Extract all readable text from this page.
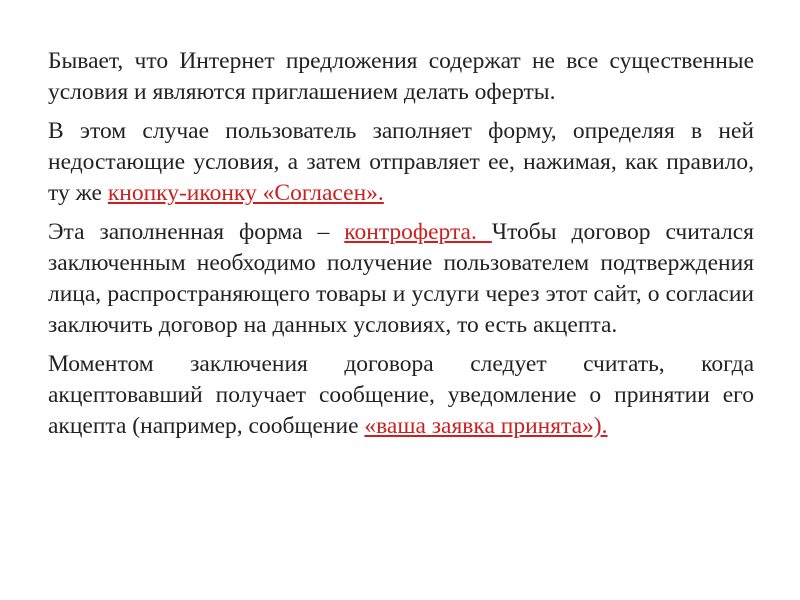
Бывает, что Интернет предложения содержат не все существенные условия и являются приглашением делать оферты.

В этом случае пользователь заполняет форму, определяя в ней недостающие условия, а затем отправляет ее, нажимая, как правило, ту же кнопку-иконку «Согласен».

Эта заполненная форма – контроферта. Чтобы договор считался заключенным необходимо получение пользователем подтверждения лица, распространяющего товары и услуги через этот сайт, о согласии заключить договор на данных условиях, то есть акцепта.

Моментом заключения договора следует считать, когда акцептовавший получает сообщение, уведомление о принятии его акцепта (например, сообщение «ваша заявка принята»).
